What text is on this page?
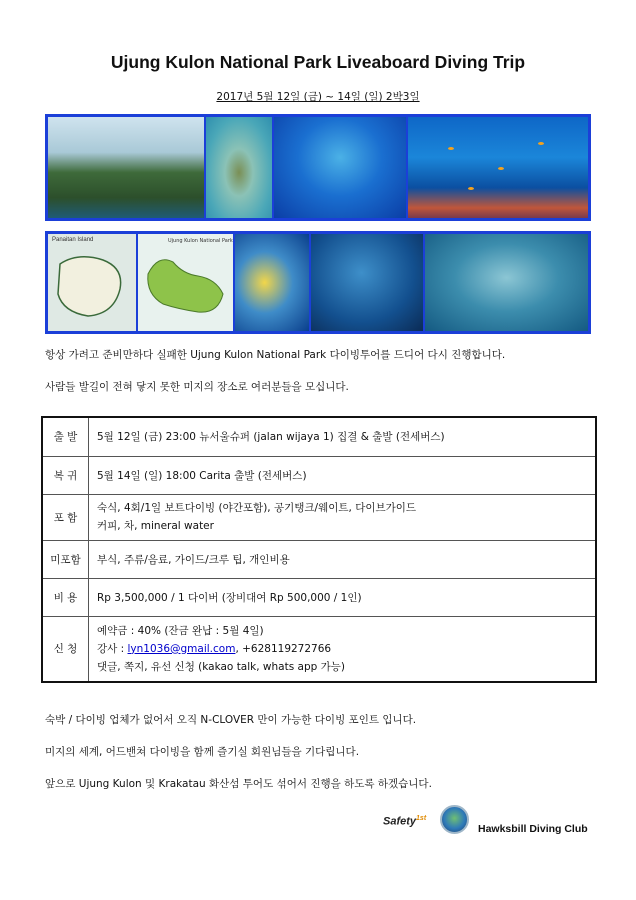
Ujung Kulon National Park Liveaboard Diving Trip
2017년 5월 12일 (금) ~ 14일 (일) 2박3일
Panaitan Island	Ujung Kulon National Park
항상 가려고 준비만하다 실패한 Ujung Kulon National Park 다이빙투어를 드디어 다시 진행합니다.
사람들 발길이 전혀 닿지 못한 미지의 장소로 여러분들을 모십니다.
출 발	5월 12일 (금) 23:00 뉴서울슈퍼 (jalan wijaya 1) 집결 & 출발 (전세버스)
복 귀	5월 14일 (일) 18:00 Carita 출발 (전세버스)
포 함	숙식, 4회/1일 보트다이빙 (야간포함), 공기탱크/웨이트, 다이브가이드
커피, 차, mineral water

미포함	부식, 주류/음료, 가이드/크루 팁, 개인비용
비 용	Rp 3,500,000 / 1 다이버 (장비대여 Rp 500,000 / 1인)
신 청	예약금 : 40% (잔금 완납 : 5월 4일)
강사 : lyn1036@gmail.com, +628119272766
댓글, 쪽지, 유선 신청 (kakao talk, whats app 가능)
숙박 / 다이빙 업체가 없어서 오직 N-CLOVER 만이 가능한 다이빙 포인트 입니다.
미지의 세계, 어드밴쳐 다이빙을 함께 즐기실 회원님들을 기다립니다.
앞으로 Ujung Kulon 및 Krakatau 화산섬 투어도 섞어서 진행을 하도록 하겠습니다.
Safety$^{1st}$
Hawksbill Diving Club
